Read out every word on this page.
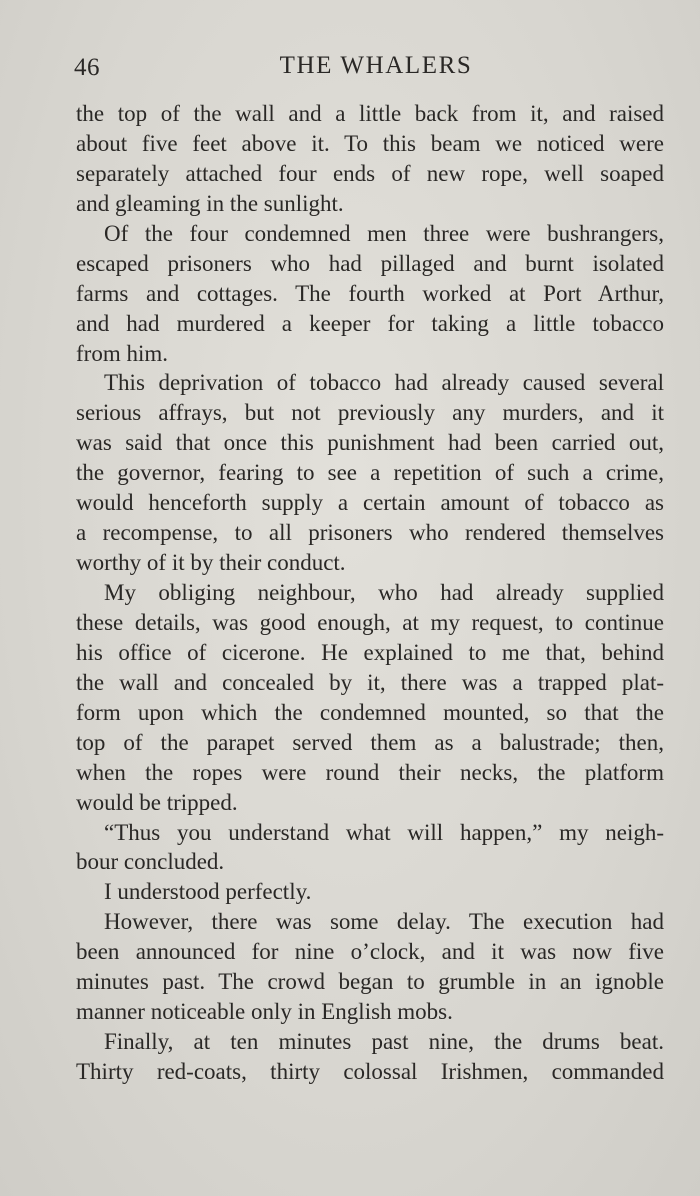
46	THE WHALERS
the top of the wall and a little back from it, and raised
about five feet above it. To this beam we noticed were
separately attached four ends of new rope, well soaped
and gleaming in the sunlight.
Of the four condemned men three were bushrangers,
escaped prisoners who had pillaged and burnt isolated
farms and cottages. The fourth worked at Port Arthur,
and had murdered a keeper for taking a little tobacco
from him.
This deprivation of tobacco had already caused several
serious affrays, but not previously any murders, and it
was said that once this punishment had been carried out,
the governor, fearing to see a repetition of such a crime,
would henceforth supply a certain amount of tobacco as
a recompense, to all prisoners who rendered themselves
worthy of it by their conduct.
My obliging neighbour, who had already supplied
these details, was good enough, at my request, to continue
his office of cicerone. He explained to me that, behind
the wall and concealed by it, there was a trapped plat-
form upon which the condemned mounted, so that the
top of the parapet served them as a balustrade; then,
when the ropes were round their necks, the platform
would be tripped.
“Thus you understand what will happen,” my neigh-
bour concluded.
I understood perfectly.
However, there was some delay. The execution had
been announced for nine o’clock, and it was now five
minutes past. The crowd began to grumble in an ignoble
manner noticeable only in English mobs.
Finally, at ten minutes past nine, the drums beat.
Thirty red-coats, thirty colossal Irishmen, commanded
